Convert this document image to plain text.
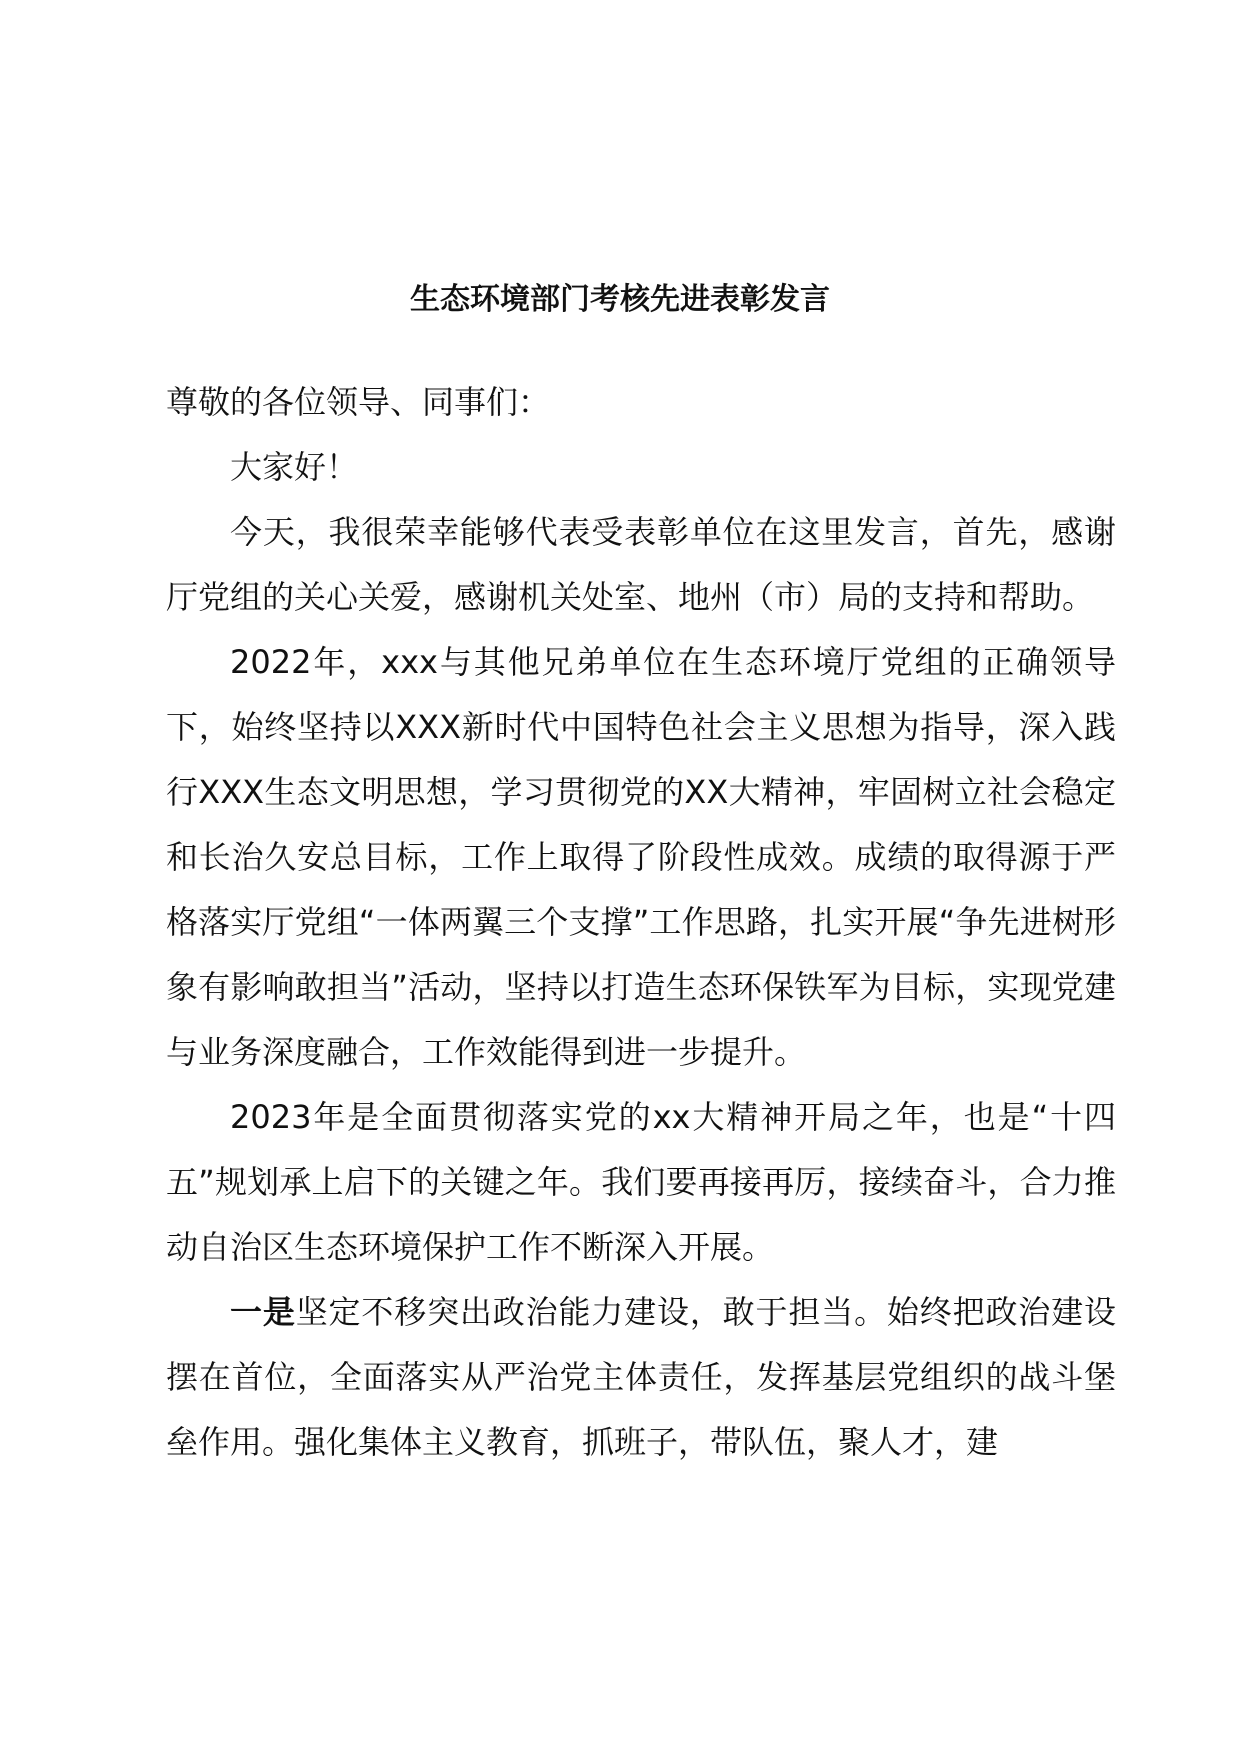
生态环境部门考核先进表彰发言

尊敬的各位领导、同事们：

大家好！

今天，我很荣幸能够代表受表彰单位在这里发言，首先，感谢厅党组的关心关爱，感谢机关处室、地州（市）局的支持和帮助。

2022年，xxx与其他兄弟单位在生态环境厅党组的正确领导下，始终坚持以XXX新时代中国特色社会主义思想为指导，深入践行XXX生态文明思想，学习贯彻党的XX大精神，牢固树立社会稳定和长治久安总目标，工作上取得了阶段性成效。成绩的取得源于严格落实厅党组“一体两翼三个支撑”工作思路，扎实开展“争先进树形象有影响敢担当”活动，坚持以打造生态环保铁军为目标，实现党建与业务深度融合，工作效能得到进一步提升。

2023年是全面贯彻落实党的xx大精神开局之年，也是“十四五”规划承上启下的关键之年。我们要再接再厉，接续奋斗，合力推动自治区生态环境保护工作不断深入开展。

一是坚定不移突出政治能力建设，敢于担当。始终把政治建设摆在首位，全面落实从严治党主体责任，发挥基层党组织的战斗堡垒作用。强化集体主义教育，抓班子，带队伍，聚人才，建
